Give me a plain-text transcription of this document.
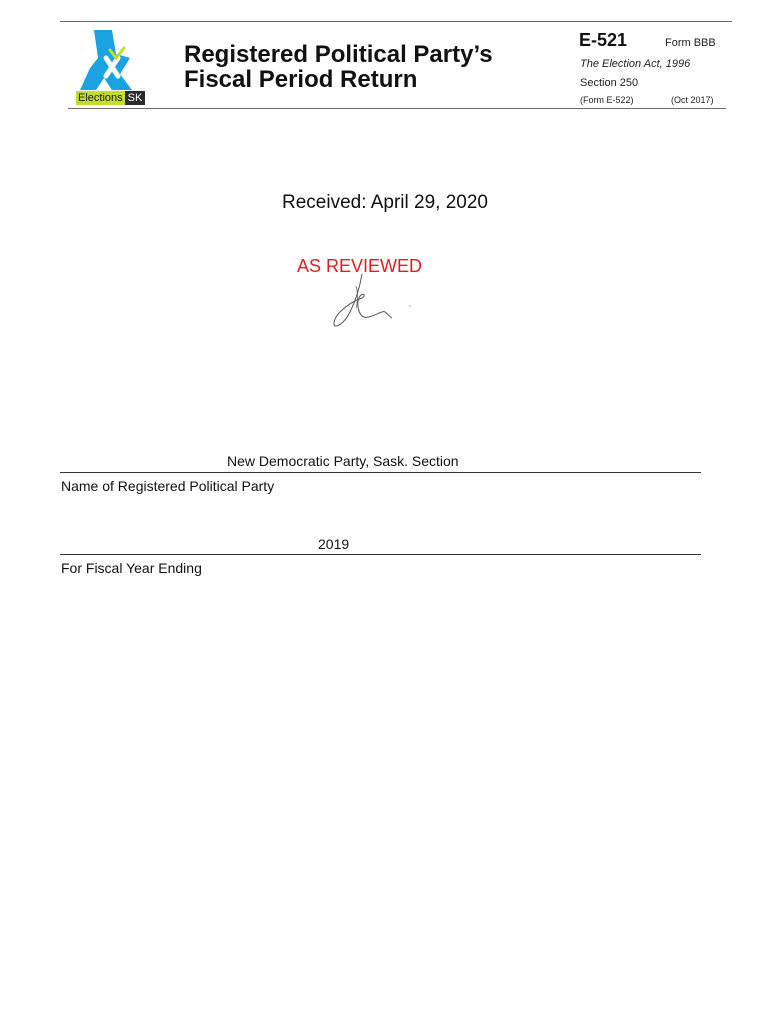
Elections SK
Registered Political Party’s
Fiscal Period Return
E-521	Form BBB
The Election Act, 1996
Section 250
(Form E-522)	(Oct 2017)
Received: April 29, 2020
AS REVIEWED
New Democratic Party, Sask. Section
Name of Registered Political Party
2019
For Fiscal Year Ending
